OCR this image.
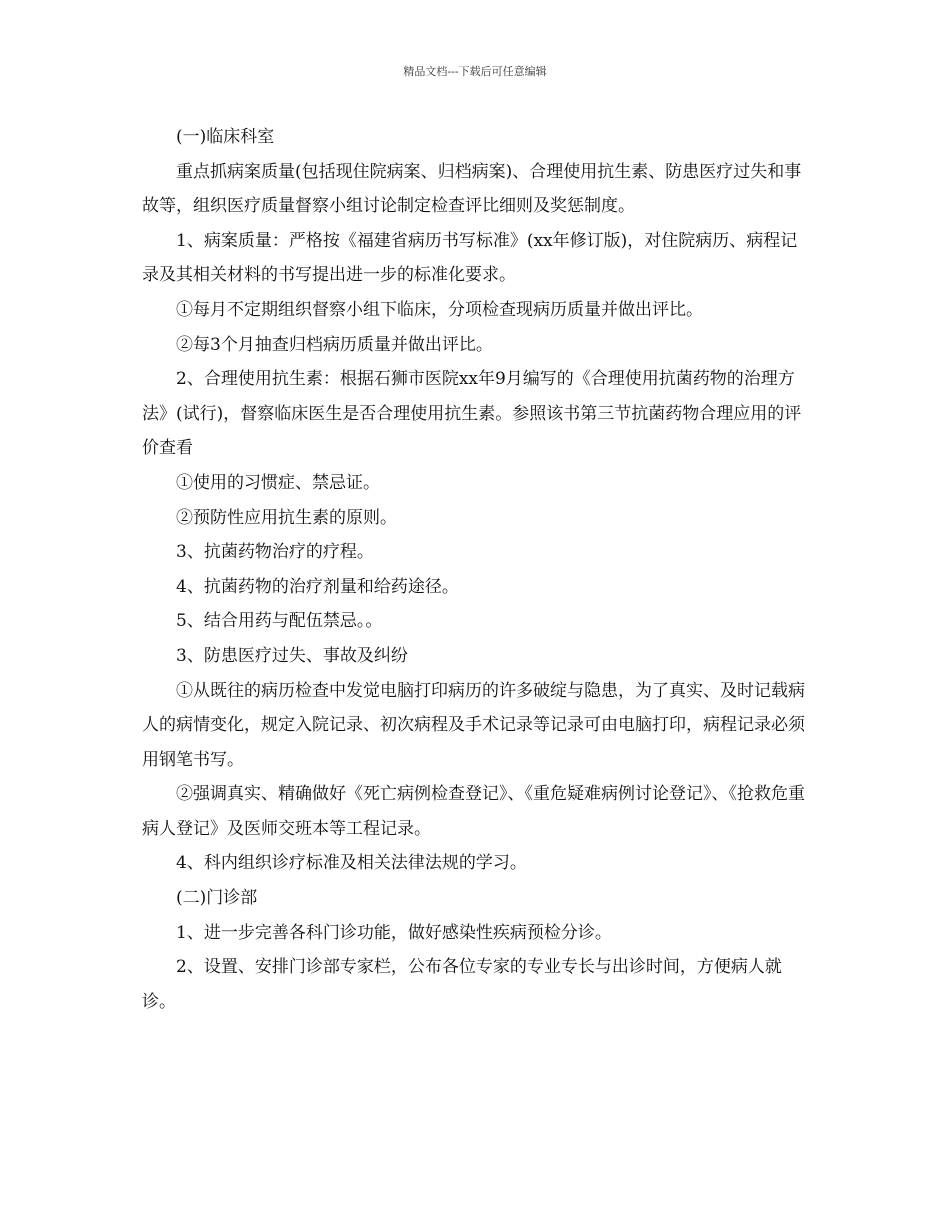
精品文档---下载后可任意编辑

(一)临床科室

重点抓病案质量(包括现住院病案、归档病案)、合理使用抗生素、防患医疗过失和事故等，组织医疗质量督察小组讨论制定检查评比细则及奖惩制度。

1、病案质量：严格按《福建省病历书写标准》(xx年修订版)，对住院病历、病程记录及其相关材料的书写提出进一步的标准化要求。

①每月不定期组织督察小组下临床，分项检查现病历质量并做出评比。

②每3个月抽查归档病历质量并做出评比。

2、合理使用抗生素：根据石狮市医院xx年9月编写的《合理使用抗菌药物的治理方法》(试行)，督察临床医生是否合理使用抗生素。参照该书第三节抗菌药物合理应用的评价查看

①使用的习惯症、禁忌证。

②预防性应用抗生素的原则。

3、抗菌药物治疗的疗程。

4、抗菌药物的治疗剂量和给药途径。

5、结合用药与配伍禁忌。。

3、防患医疗过失、事故及纠纷

①从既往的病历检查中发觉电脑打印病历的许多破绽与隐患，为了真实、及时记载病人的病情变化，规定入院记录、初次病程及手术记录等记录可由电脑打印，病程记录必须用钢笔书写。

②强调真实、精确做好《死亡病例检查登记》、《重危疑难病例讨论登记》、《抢救危重病人登记》及医师交班本等工程记录。

4、科内组织诊疗标准及相关法律法规的学习。

(二)门诊部

1、进一步完善各科门诊功能，做好感染性疾病预检分诊。

2、设置、安排门诊部专家栏，公布各位专家的专业专长与出诊时间，方便病人就诊。
